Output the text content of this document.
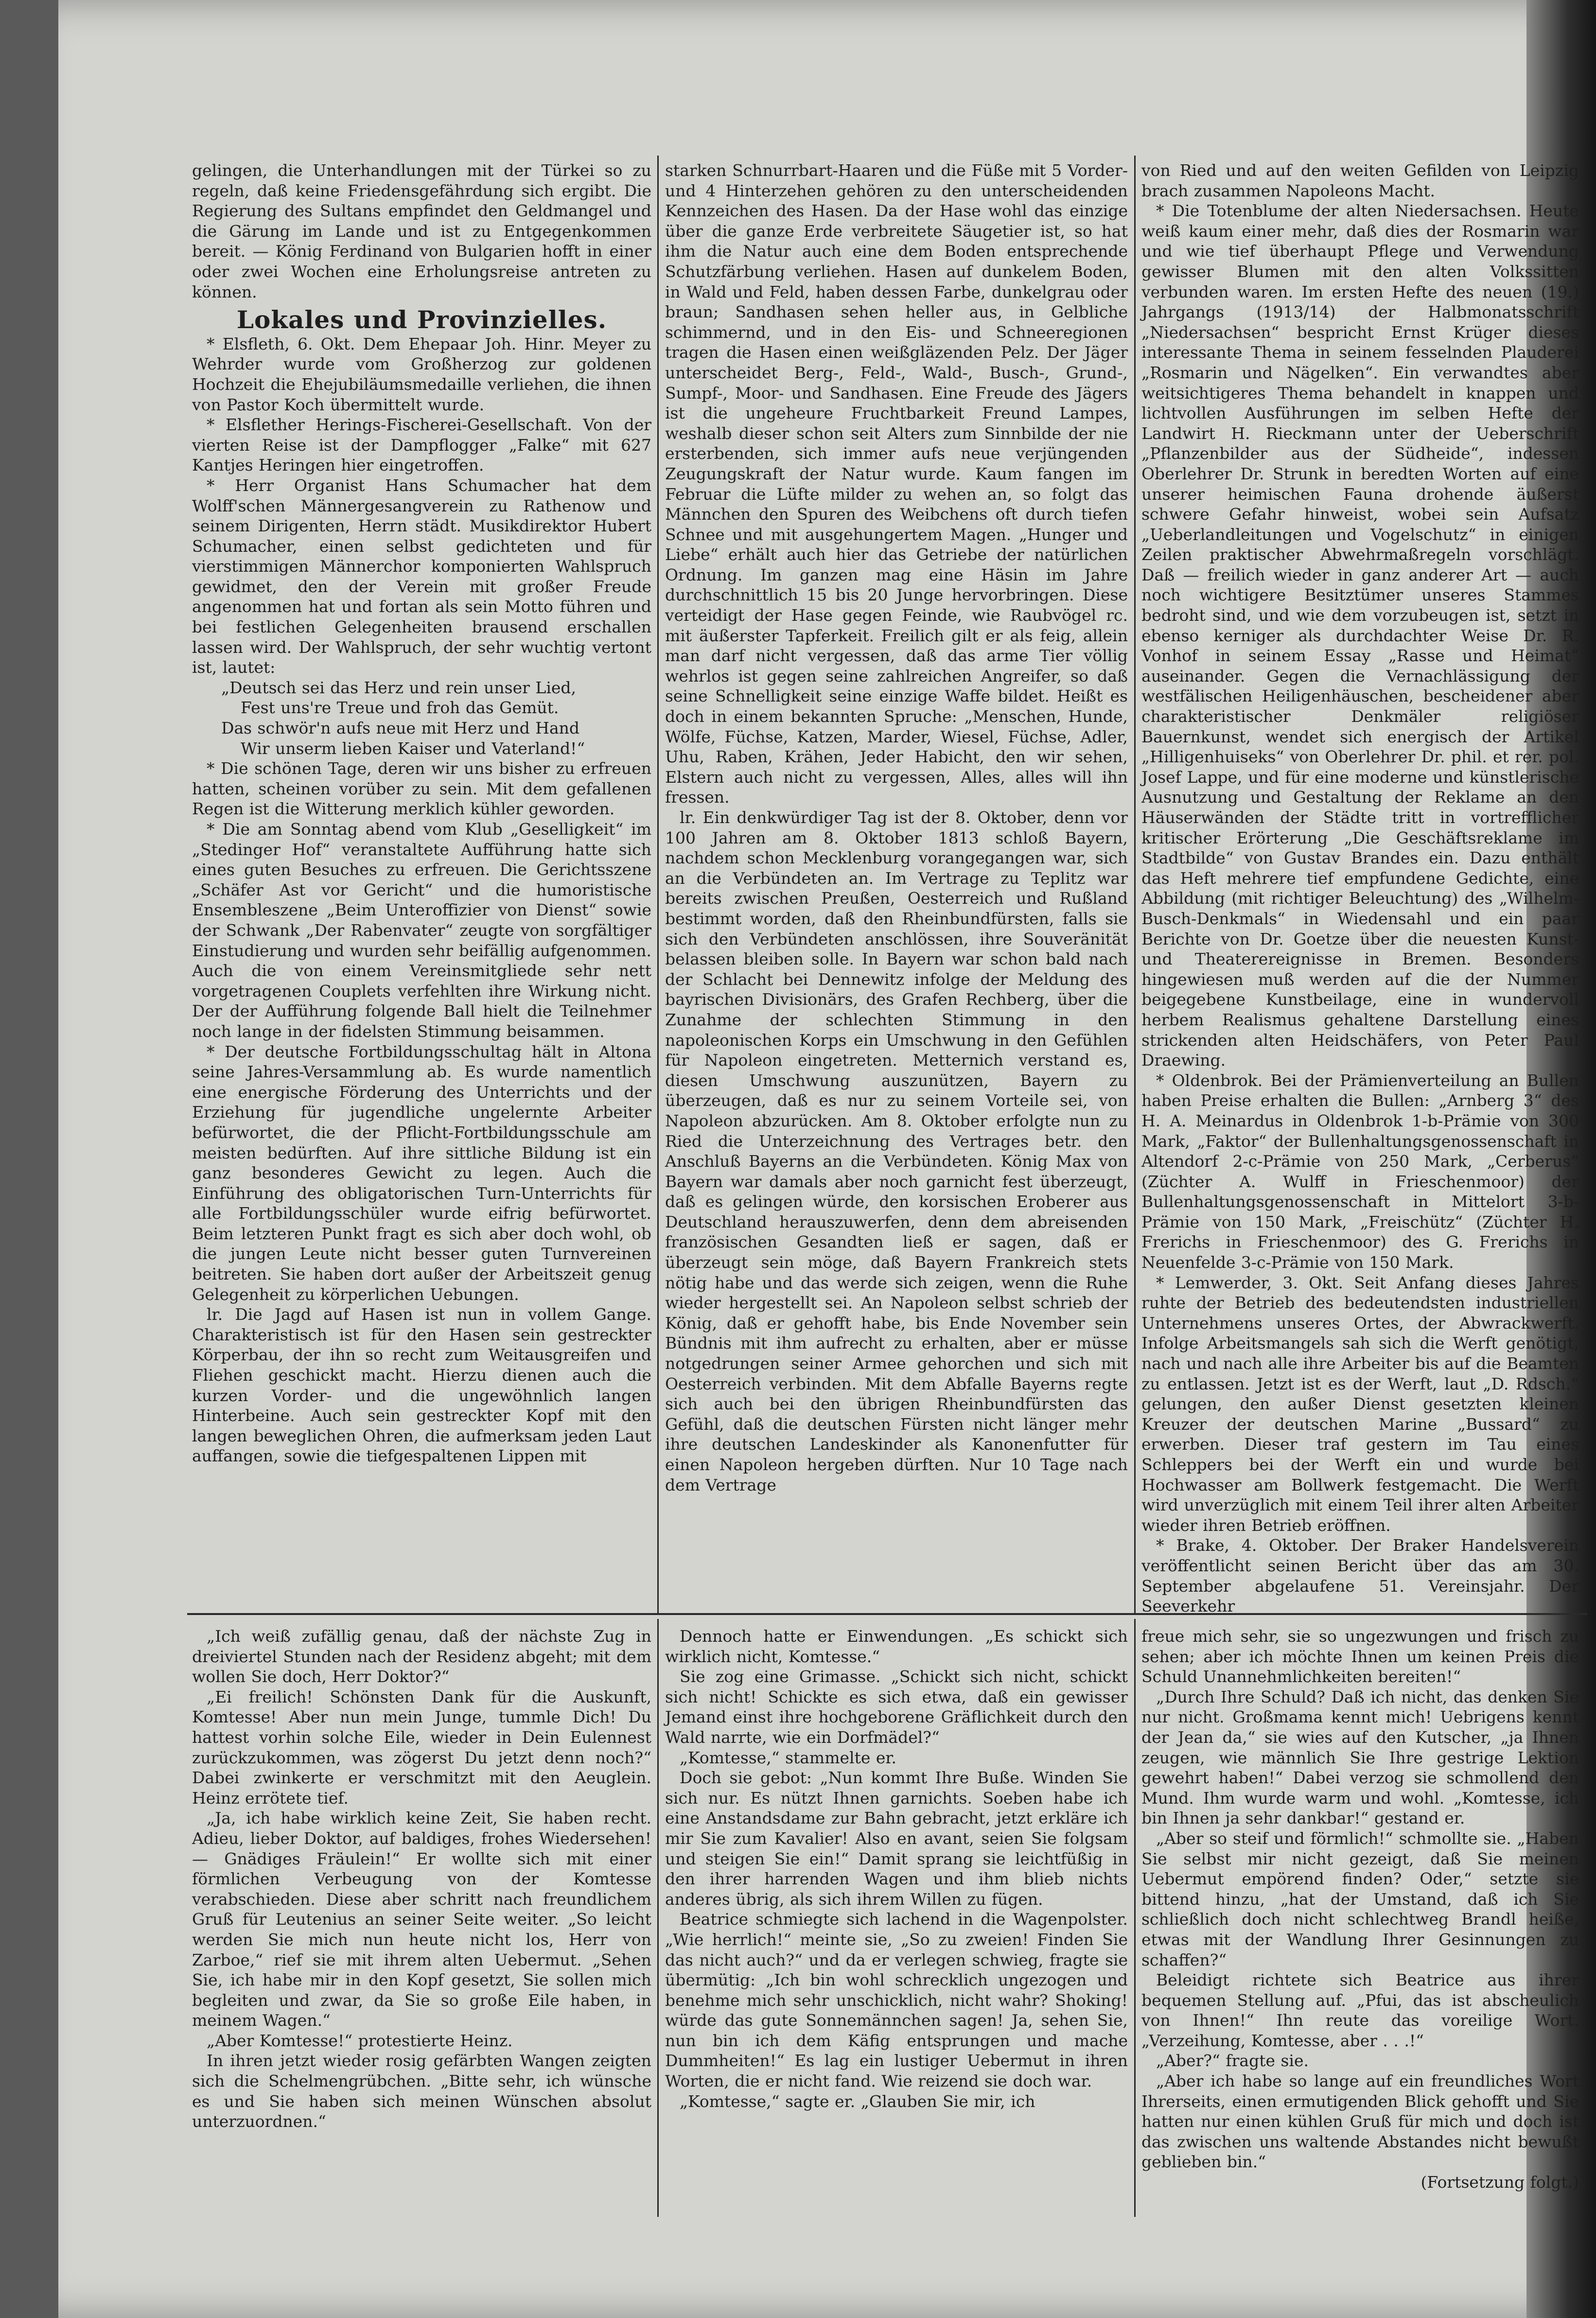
gelingen, die Unterhandlungen mit der Türkei so zu regeln, daß keine Friedensgefährdung sich ergibt. Die Regierung des Sultans empfindet den Geldmangel und die Gärung im Lande und ist zu Entgegenkommen bereit. — König Ferdinand von Bulgarien hofft in einer oder zwei Wochen eine Erholungsreise antreten zu können.

Lokales und Provinzielles.

* Elsfleth, 6. Okt. Dem Ehepaar Joh. Hinr. Meyer zu Wehrder wurde vom Großherzog zur goldenen Hochzeit die Ehejubiläumsmedaille verliehen, die ihnen von Pastor Koch übermittelt wurde.

* Elsflether Herings-Fischerei-Gesellschaft. Von der vierten Reise ist der Dampflogger „Falke“ mit 627 Kantjes Heringen hier eingetroffen.

* Herr Organist Hans Schumacher hat dem Wolff'schen Männergesangverein zu Rathenow und seinem Dirigenten, Herrn städt. Musikdirektor Hubert Schumacher, einen selbst gedichteten und für vierstimmigen Männerchor komponierten Wahlspruch gewidmet, den der Verein mit großer Freude angenommen hat und fortan als sein Motto führen und bei festlichen Gelegenheiten brausend erschallen lassen wird. Der Wahlspruch, der sehr wuchtig vertont ist, lautet:

„Deutsch sei das Herz und rein unser Lied,

Fest uns're Treue und froh das Gemüt.

Das schwör'n aufs neue mit Herz und Hand

Wir unserm lieben Kaiser und Vaterland!“

* Die schönen Tage, deren wir uns bisher zu erfreuen hatten, scheinen vorüber zu sein. Mit dem gefallenen Regen ist die Witterung merklich kühler geworden.

* Die am Sonntag abend vom Klub „Geselligkeit“ im „Stedinger Hof“ veranstaltete Aufführung hatte sich eines guten Besuches zu erfreuen. Die Gerichtsszene „Schäfer Ast vor Gericht“ und die humoristische Ensembleszene „Beim Unteroffizier von Dienst“ sowie der Schwank „Der Rabenvater“ zeugte von sorgfältiger Einstudierung und wurden sehr beifällig aufgenommen. Auch die von einem Vereinsmitgliede sehr nett vorgetragenen Couplets verfehlten ihre Wirkung nicht. Der der Aufführung folgende Ball hielt die Teilnehmer noch lange in der fidelsten Stimmung beisammen.

* Der deutsche Fortbildungsschultag hält in Altona seine Jahres-Versammlung ab. Es wurde namentlich eine energische Förderung des Unterrichts und der Erziehung für jugendliche ungelernte Arbeiter befürwortet, die der Pflicht-Fortbildungsschule am meisten bedürften. Auf ihre sittliche Bildung ist ein ganz besonderes Gewicht zu legen. Auch die Einführung des obligatorischen Turn-Unterrichts für alle Fortbildungsschüler wurde eifrig befürwortet. Beim letzteren Punkt fragt es sich aber doch wohl, ob die jungen Leute nicht besser guten Turnvereinen beitreten. Sie haben dort außer der Arbeitszeit genug Gelegenheit zu körperlichen Uebungen.

lr. Die Jagd auf Hasen ist nun in vollem Gange. Charakteristisch ist für den Hasen sein gestreckter Körperbau, der ihn so recht zum Weitausgreifen und Fliehen geschickt macht. Hierzu dienen auch die kurzen Vorder- und die ungewöhnlich langen Hinterbeine. Auch sein gestreckter Kopf mit den langen beweglichen Ohren, die aufmerksam jeden Laut auffangen, sowie die tiefgespaltenen Lippen mit

starken Schnurrbart-Haaren und die Füße mit 5 Vorder- und 4 Hinterzehen gehören zu den unterscheidenden Kennzeichen des Hasen. Da der Hase wohl das einzige über die ganze Erde verbreitete Säugetier ist, so hat ihm die Natur auch eine dem Boden entsprechende Schutzfärbung verliehen. Hasen auf dunkelem Boden, in Wald und Feld, haben dessen Farbe, dunkelgrau oder braun; Sandhasen sehen heller aus, in Gelbliche schimmernd, und in den Eis- und Schneeregionen tragen die Hasen einen weißgläzenden Pelz. Der Jäger unterscheidet Berg-, Feld-, Wald-, Busch-, Grund-, Sumpf-, Moor- und Sandhasen. Eine Freude des Jägers ist die ungeheure Fruchtbarkeit Freund Lampes, weshalb dieser schon seit Alters zum Sinnbilde der nie ersterbenden, sich immer aufs neue verjüngenden Zeugungskraft der Natur wurde. Kaum fangen im Februar die Lüfte milder zu wehen an, so folgt das Männchen den Spuren des Weibchens oft durch tiefen Schnee und mit ausgehungertem Magen. „Hunger und Liebe“ erhält auch hier das Getriebe der natürlichen Ordnung. Im ganzen mag eine Häsin im Jahre durchschnittlich 15 bis 20 Junge hervorbringen. Diese verteidigt der Hase gegen Feinde, wie Raubvögel rc. mit äußerster Tapferkeit. Freilich gilt er als feig, allein man darf nicht vergessen, daß das arme Tier völlig wehrlos ist gegen seine zahlreichen Angreifer, so daß seine Schnelligkeit seine einzige Waffe bildet. Heißt es doch in einem bekannten Spruche: „Menschen, Hunde, Wölfe, Füchse, Katzen, Marder, Wiesel, Füchse, Adler, Uhu, Raben, Krähen, Jeder Habicht, den wir sehen, Elstern auch nicht zu vergessen, Alles, alles will ihn fressen.

lr. Ein denkwürdiger Tag ist der 8. Oktober, denn vor 100 Jahren am 8. Oktober 1813 schloß Bayern, nachdem schon Mecklenburg vorangegangen war, sich an die Verbündeten an. Im Vertrage zu Teplitz war bereits zwischen Preußen, Oesterreich und Rußland bestimmt worden, daß den Rheinbundfürsten, falls sie sich den Verbündeten anschlössen, ihre Souveränität belassen bleiben solle. In Bayern war schon bald nach der Schlacht bei Dennewitz infolge der Meldung des bayrischen Divisionärs, des Grafen Rechberg, über die Zunahme der schlechten Stimmung in den napoleonischen Korps ein Umschwung in den Gefühlen für Napoleon eingetreten. Metternich verstand es, diesen Umschwung auszunützen, Bayern zu überzeugen, daß es nur zu seinem Vorteile sei, von Napoleon abzurücken. Am 8. Oktober erfolgte nun zu Ried die Unterzeichnung des Vertrages betr. den Anschluß Bayerns an die Verbündeten. König Max von Bayern war damals aber noch garnicht fest überzeugt, daß es gelingen würde, den korsischen Eroberer aus Deutschland herauszuwerfen, denn dem abreisenden französischen Gesandten ließ er sagen, daß er überzeugt sein möge, daß Bayern Frankreich stets nötig habe und das werde sich zeigen, wenn die Ruhe wieder hergestellt sei. An Napoleon selbst schrieb der König, daß er gehofft habe, bis Ende November sein Bündnis mit ihm aufrecht zu erhalten, aber er müsse notgedrungen seiner Armee gehorchen und sich mit Oesterreich verbinden. Mit dem Abfalle Bayerns regte sich auch bei den übrigen Rheinbundfürsten das Gefühl, daß die deutschen Fürsten nicht länger mehr ihre deutschen Landeskinder als Kanonenfutter für einen Napoleon hergeben dürften. Nur 10 Tage nach dem Vertrage

von Ried und auf den weiten Gefilden von Leipzig brach zusammen Napoleons Macht.

* Die Totenblume der alten Niedersachsen. Heute weiß kaum einer mehr, daß dies der Rosmarin war und wie tief überhaupt Pflege und Verwendung gewisser Blumen mit den alten Volkssitten verbunden waren. Im ersten Hefte des neuen (19.) Jahrgangs (1913/14) der Halbmonatsschrift „Niedersachsen“ bespricht Ernst Krüger dieses interessante Thema in seinem fesselnden Plauderei „Rosmarin und Nägelken“. Ein verwandtes aber weitsichtigeres Thema behandelt in knappen und lichtvollen Ausführungen im selben Hefte der Landwirt H. Rieckmann unter der Ueberschrift „Pflanzenbilder aus der Südheide“, indessen Oberlehrer Dr. Strunk in beredten Worten auf eine unserer heimischen Fauna drohende äußerst schwere Gefahr hinweist, wobei sein Aufsatz „Ueberlandleitungen und Vogelschutz“ in einigen Zeilen praktischer Abwehrmaßregeln vorschlägt. Daß — freilich wieder in ganz anderer Art — auch noch wichtigere Besitztümer unseres Stammes bedroht sind, und wie dem vorzubeugen ist, setzt in ebenso kerniger als durchdachter Weise Dr. R. Vonhof in seinem Essay „Rasse und Heimat“ auseinander. Gegen die Vernachlässigung der westfälischen Heiligenhäuschen, bescheidener aber charakteristischer Denkmäler religiöser Bauernkunst, wendet sich energisch der Artikel „Hilligenhuiseks“ von Oberlehrer Dr. phil. et rer. pol. Josef Lappe, und für eine moderne und künstlerische Ausnutzung und Gestaltung der Reklame an den Häuserwänden der Städte tritt in vortrefflicher kritischer Erörterung „Die Geschäftsreklame im Stadtbilde“ von Gustav Brandes ein. Dazu enthält das Heft mehrere tief empfundene Gedichte, eine Abbildung (mit richtiger Beleuchtung) des „Wilhelm-Busch-Denkmals“ in Wiedensahl und ein paar Berichte von Dr. Goetze über die neuesten Kunst- und Theaterereignisse in Bremen. Besonders hingewiesen muß werden auf die der Nummer beigegebene Kunstbeilage, eine in wundervoll herbem Realismus gehaltene Darstellung eines strickenden alten Heidschäfers, von Peter Paul Draewing.

* Oldenbrok. Bei der Prämienverteilung an Bullen haben Preise erhalten die Bullen: „Arnberg 3“ des H. A. Meinardus in Oldenbrok 1-b-Prämie von 300 Mark, „Faktor“ der Bullenhaltungsgenossenschaft in Altendorf 2-c-Prämie von 250 Mark, „Cerberus“ (Züchter A. Wulff in Frieschenmoor) der Bullenhaltungsgenossenschaft in Mittelort 3-b-Prämie von 150 Mark, „Freischütz“ (Züchter H. Frerichs in Frieschenmoor) des G. Frerichs in Neuenfelde 3-c-Prämie von 150 Mark.

* Lemwerder, 3. Okt. Seit Anfang dieses Jahres ruhte der Betrieb des bedeutendsten industriellen Unternehmens unseres Ortes, der Abwrackwerft. Infolge Arbeitsmangels sah sich die Werft genötigt, nach und nach alle ihre Arbeiter bis auf die Beamten zu entlassen. Jetzt ist es der Werft, laut „D. Rdsch.“ gelungen, den außer Dienst gesetzten kleinen Kreuzer der deutschen Marine „Bussard“ zu erwerben. Dieser traf gestern im Tau eines Schleppers bei der Werft ein und wurde bei Hochwasser am Bollwerk festgemacht. Die Werft wird unverzüglich mit einem Teil ihrer alten Arbeiter wieder ihren Betrieb eröffnen.

* Brake, 4. Oktober. Der Braker Handelsverein veröffentlicht seinen Bericht über das am 30. September abgelaufene 51. Vereinsjahr. Der Seeverkehr

„Ich weiß zufällig genau, daß der nächste Zug in dreiviertel Stunden nach der Residenz abgeht; mit dem wollen Sie doch, Herr Doktor?“

„Ei freilich! Schönsten Dank für die Auskunft, Komtesse! Aber nun mein Junge, tummle Dich! Du hattest vorhin solche Eile, wieder in Dein Eulennest zurückzukommen, was zögerst Du jetzt denn noch?“ Dabei zwinkerte er verschmitzt mit den Aeuglein. Heinz errötete tief.

„Ja, ich habe wirklich keine Zeit, Sie haben recht. Adieu, lieber Doktor, auf baldiges, frohes Wiedersehen! — Gnädiges Fräulein!“ Er wollte sich mit einer förmlichen Verbeugung von der Komtesse verabschieden. Diese aber schritt nach freundlichem Gruß für Leutenius an seiner Seite weiter. „So leicht werden Sie mich nun heute nicht los, Herr von Zarboe,“ rief sie mit ihrem alten Uebermut. „Sehen Sie, ich habe mir in den Kopf gesetzt, Sie sollen mich begleiten und zwar, da Sie so große Eile haben, in meinem Wagen.“

„Aber Komtesse!“ protestierte Heinz.

In ihren jetzt wieder rosig gefärbten Wangen zeigten sich die Schelmengrübchen. „Bitte sehr, ich wünsche es und Sie haben sich meinen Wünschen absolut unterzuordnen.“

Dennoch hatte er Einwendungen. „Es schickt sich wirklich nicht, Komtesse.“

Sie zog eine Grimasse. „Schickt sich nicht, schickt sich nicht! Schickte es sich etwa, daß ein gewisser Jemand einst ihre hochgeborene Gräflichkeit durch den Wald narrte, wie ein Dorfmädel?“

„Komtesse,“ stammelte er.

Doch sie gebot: „Nun kommt Ihre Buße. Winden Sie sich nur. Es nützt Ihnen garnichts. Soeben habe ich eine Anstandsdame zur Bahn gebracht, jetzt erkläre ich mir Sie zum Kavalier! Also en avant, seien Sie folgsam und steigen Sie ein!“ Damit sprang sie leichtfüßig in den ihrer harrenden Wagen und ihm blieb nichts anderes übrig, als sich ihrem Willen zu fügen.

Beatrice schmiegte sich lachend in die Wagenpolster. „Wie herrlich!“ meinte sie, „So zu zweien! Finden Sie das nicht auch?“ und da er verlegen schwieg, fragte sie übermütig: „Ich bin wohl schrecklich ungezogen und benehme mich sehr unschicklich, nicht wahr? Shoking! würde das gute Sonnemännchen sagen! Ja, sehen Sie, nun bin ich dem Käfig entsprungen und mache Dummheiten!“ Es lag ein lustiger Uebermut in ihren Worten, die er nicht fand. Wie reizend sie doch war.

„Komtesse,“ sagte er. „Glauben Sie mir, ich

freue mich sehr, sie so ungezwungen und frisch zu sehen; aber ich möchte Ihnen um keinen Preis die Schuld Unannehmlichkeiten bereiten!“

„Durch Ihre Schuld? Daß ich nicht, das denken Sie nur nicht. Großmama kennt mich! Uebrigens kennt der Jean da,“ sie wies auf den Kutscher, „ja Ihnen zeugen, wie männlich Sie Ihre gestrige Lektion gewehrt haben!“ Dabei verzog sie schmollend den Mund. Ihm wurde warm und wohl. „Komtesse, ich bin Ihnen ja sehr dankbar!“ gestand er.

„Aber so steif und förmlich!“ schmollte sie. „Haben Sie selbst mir nicht gezeigt, daß Sie meinen Uebermut empörend finden? Oder,“ setzte sie bittend hinzu, „hat der Umstand, daß ich Sie schließlich doch nicht schlechtweg Brandl heiße, etwas mit der Wandlung Ihrer Gesinnungen zu schaffen?“

Beleidigt richtete sich Beatrice aus ihrer bequemen Stellung auf. „Pfui, das ist abscheulich von Ihnen!“ Ihn reute das voreilige Wort. „Verzeihung, Komtesse, aber . . .!“

„Aber?“ fragte sie.

„Aber ich habe so lange auf ein freundliches Wort Ihrerseits, einen ermutigenden Blick gehofft und Sie hatten nur einen kühlen Gruß für mich und doch ist das zwischen uns waltende Abstandes nicht bewußt geblieben bin.“

(Fortsetzung folgt.)
